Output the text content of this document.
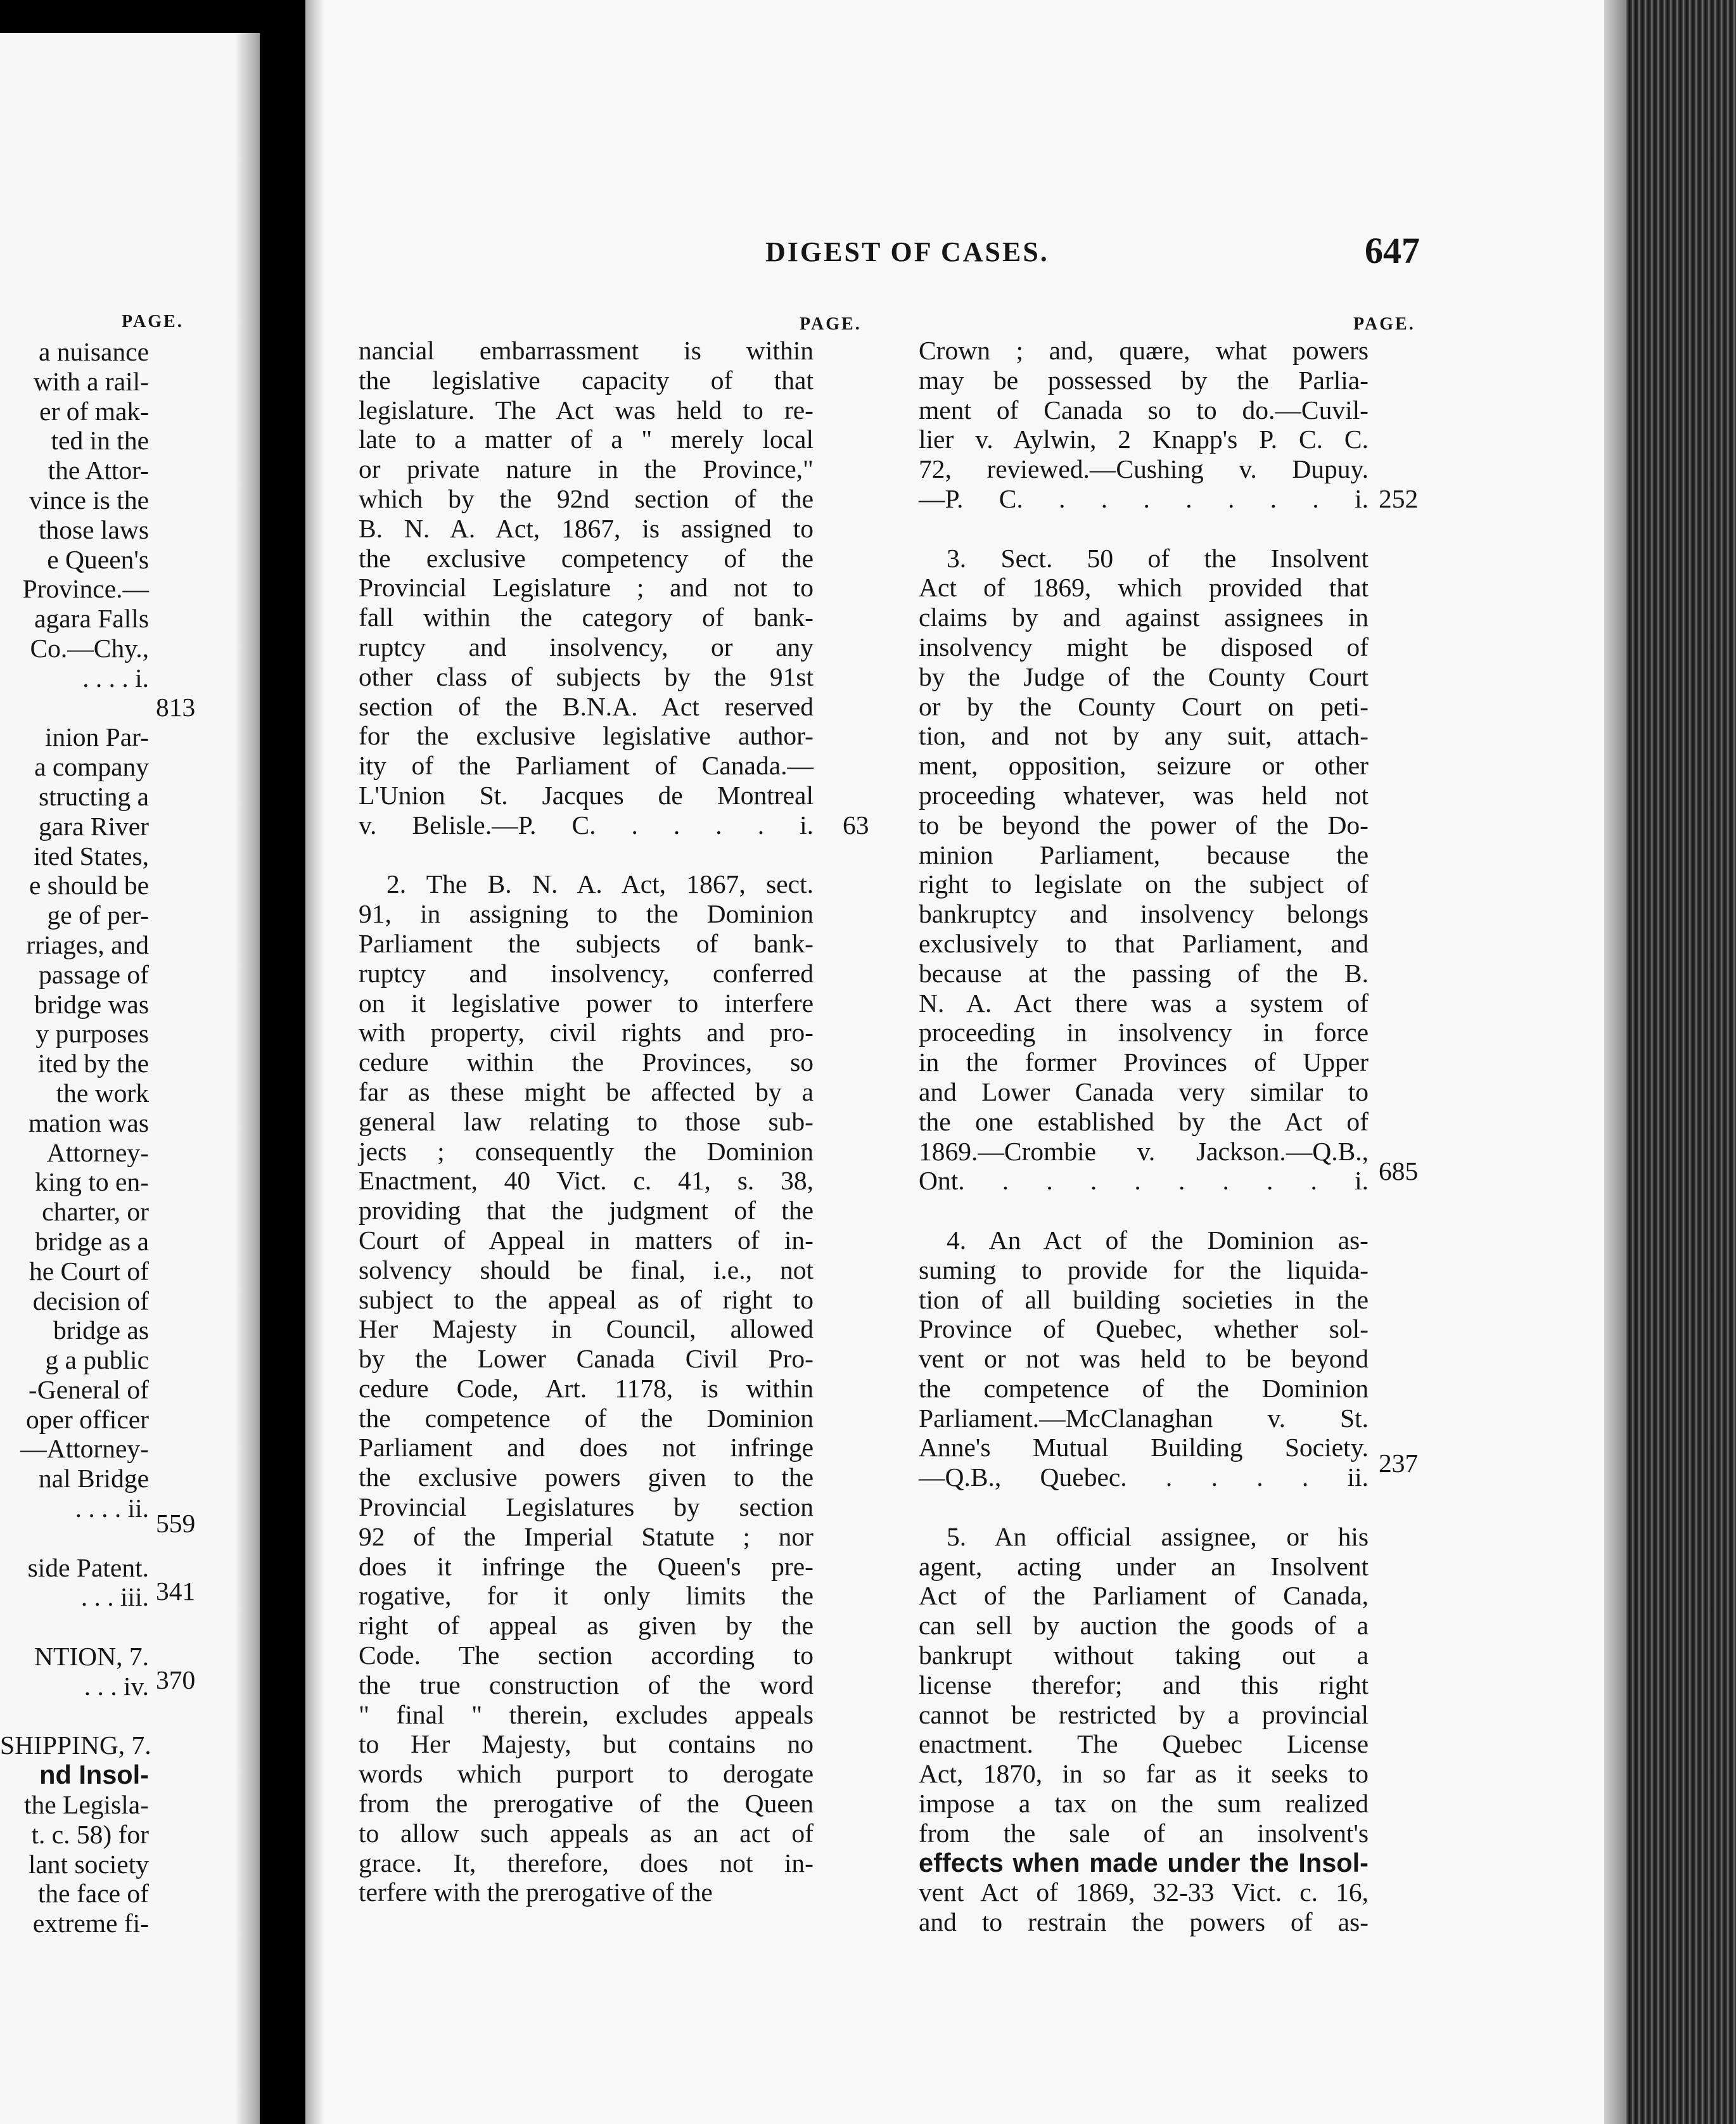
PAGE.
a nuisance
with a rail-
er of mak-
ted in the
the Attor-
vince is the
those laws
e Queen's
Province.—
agara Falls
Co.—Chy.,
. . . . i.
inion Par-
a company
structing a
gara River
ited States,
e should be
ge of per-
rriages, and
passage of
bridge was
y purposes
ited by the
the work
mation was
Attorney-
king to en-
charter, or
bridge as a
he Court of
decision of
bridge as
g a public
-General of
oper officer
—Attorney-
nal Bridge
. . . . ii.
side Patent.
. . . iii.
NTION, 7.
. . . iv.
SHIPPING, 7.
nd Insol-
the Legisla-
t. c. 58) for
lant society
the face of
extreme fi-
813
559
341
370
DIGEST OF CASES.	647
PAGE.	PAGE.
nancial embarrassment is within
the legislative capacity of that
legislature. The Act was held to re-
late to a matter of a " merely local
or private nature in the Province,"
which by the 92nd section of the
B. N. A. Act, 1867, is assigned to
the exclusive competency of the
Provincial Legislature ; and not to
fall within the category of bank-
ruptcy and insolvency, or any
other class of subjects by the 91st
section of the B.N.A. Act reserved
for the exclusive legislative author-
ity of the Parliament of Canada.—
L'Union St. Jacques de Montreal
v. Belisle.—P. C. . . . . i.
2. The B. N. A. Act, 1867, sect.
91, in assigning to the Dominion
Parliament the subjects of bank-
ruptcy and insolvency, conferred
on it legislative power to interfere
with property, civil rights and pro-
cedure within the Provinces, so
far as these might be affected by a
general law relating to those sub-
jects ; consequently the Dominion
Enactment, 40 Vict. c. 41, s. 38,
providing that the judgment of the
Court of Appeal in matters of in-
solvency should be final, i.e., not
subject to the appeal as of right to
Her Majesty in Council, allowed
by the Lower Canada Civil Pro-
cedure Code, Art. 1178, is within
the competence of the Dominion
Parliament and does not infringe
the exclusive powers given to the
Provincial Legislatures by section
92 of the Imperial Statute ; nor
does it infringe the Queen's pre-
rogative, for it only limits the
right of appeal as given by the
Code. The section according to
the true construction of the word
" final " therein, excludes appeals
to Her Majesty, but contains no
words which purport to derogate
from the prerogative of the Queen
to allow such appeals as an act of
grace. It, therefore, does not in-
terfere with the prerogative of the
63
Crown ; and, quære, what powers
may be possessed by the Parlia-
ment of Canada so to do.—Cuvil-
lier v. Aylwin, 2 Knapp's P. C. C.
72, reviewed.—Cushing v. Dupuy.
—P. C. . . . . . . . i.
3. Sect. 50 of the Insolvent
Act of 1869, which provided that
claims by and against assignees in
insolvency might be disposed of
by the Judge of the County Court
or by the County Court on peti-
tion, and not by any suit, attach-
ment, opposition, seizure or other
proceeding whatever, was held not
to be beyond the power of the Do-
minion Parliament, because the
right to legislate on the subject of
bankruptcy and insolvency belongs
exclusively to that Parliament, and
because at the passing of the B.
N. A. Act there was a system of
proceeding in insolvency in force
in the former Provinces of Upper
and Lower Canada very similar to
the one established by the Act of
1869.—Crombie v. Jackson.—Q.B.,
Ont. . . . . . . . . i.
4. An Act of the Dominion as-
suming to provide for the liquida-
tion of all building societies in the
Province of Quebec, whether sol-
vent or not was held to be beyond
the competence of the Dominion
Parliament.—McClanaghan v. St.
Anne's Mutual Building Society.
—Q.B., Quebec. . . . . ii.
5. An official assignee, or his
agent, acting under an Insolvent
Act of the Parliament of Canada,
can sell by auction the goods of a
bankrupt without taking out a
license therefor; and this right
cannot be restricted by a provincial
enactment. The Quebec License
Act, 1870, in so far as it seeks to
impose a tax on the sum realized
from the sale of an insolvent's
effects when made under the Insol-
vent Act of 1869, 32-33 Vict. c. 16,
and to restrain the powers of as-
252
685
237
